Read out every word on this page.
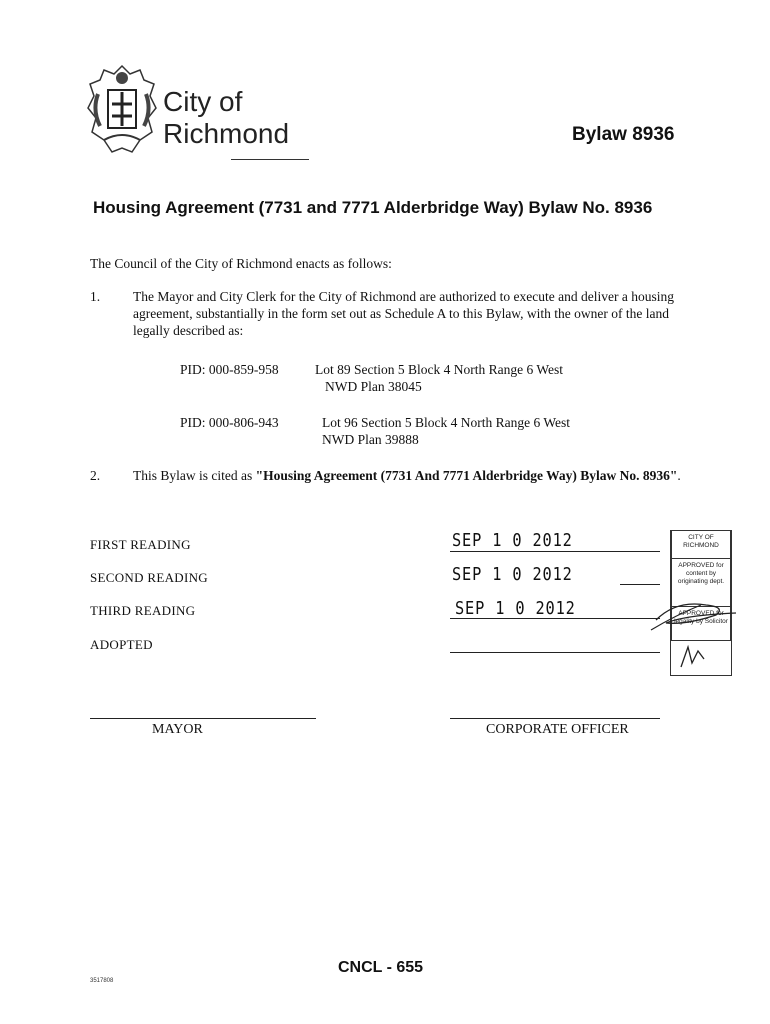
City of
Richmond	Bylaw 8936
Housing Agreement (7731 and 7771 Alderbridge Way) Bylaw No. 8936
The Council of the City of Richmond enacts as follows:
1. The Mayor and City Clerk for the City of Richmond are authorized to execute and deliver a housing agreement, substantially in the form set out as Schedule A to this Bylaw, with the owner of the land legally described as:
PID: 000-859-958	Lot 89 Section 5 Block 4 North Range 6 West
NWD Plan 38045
PID: 000-806-943	Lot 96 Section 5 Block 4 North Range 6 West
NWD Plan 39888
2. This Bylaw is cited as "Housing Agreement (7731 And 7771 Alderbridge Way) Bylaw No. 8936".
FIRST READING	SEP 1 0 2012
SECOND READING	SEP 1 0 2012
THIRD READING	SEP 1 0 2012
ADOPTED
CITY OF RICHMOND
APPROVED for content by originating dept.
APPROVED for legality by Solicitor
MAYOR	CORPORATE OFFICER
CNCL - 655
3517808
